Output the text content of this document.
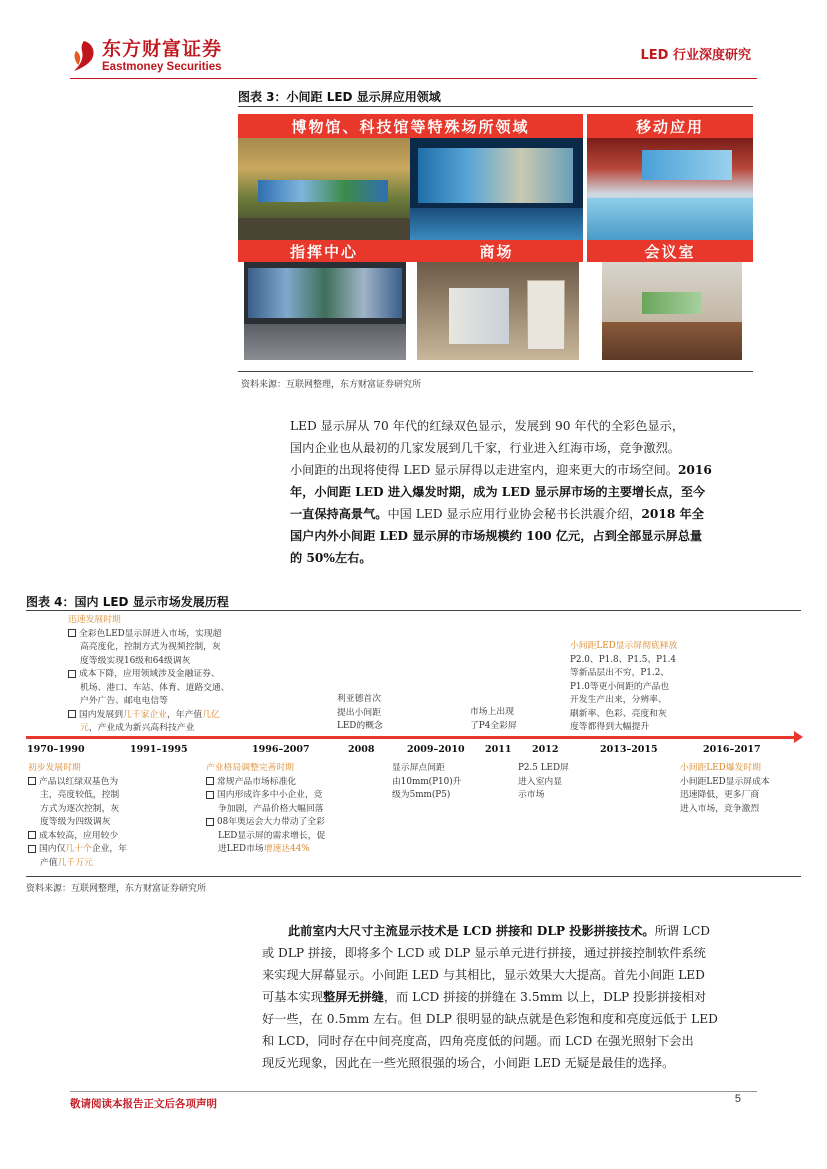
东方财富证券
Eastmoney Securities
LED 行业深度研究
图表 3：小间距 LED 显示屏应用领域
博物馆、科技馆等特殊场所领域	移动应用
指挥中心	商场	会议室
资料来源：互联网整理，东方财富证券研究所
LED 显示屏从 70 年代的红绿双色显示，发展到 90 年代的全彩色显示，
国内企业也从最初的几家发展到几千家，行业进入红海市场，竞争激烈。
小间距的出现将使得 LED 显示屏得以走进室内，迎来更大的市场空间。2016
年，小间距 LED 进入爆发时期，成为 LED 显示屏市场的主要增长点，至今
一直保持高景气。中国 LED 显示应用行业协会秘书长洪震介绍，2018 年全
国户内外小间距 LED 显示屏的市场规模约 100 亿元，占到全部显示屏总量
的 50%左右。
图表 4：国内 LED 显示市场发展历程
迅速发展时期
全彩色LED显示屏进入市场，实现超
高亮度化，控制方式为视频控制，灰
度等级实现16级和64级调灰
成本下降，应用领域涉及金融证券、
机场、港口、车站、体育、道路交通、
户外广告、邮电电信等
国内发展到几千家企业，年产值几亿
元，产业成为新兴高科技产业
利亚德首次
提出小间距
LED的概念
市场上出现
了P4全彩屏
小间距LED显示屏彻底释放
P2.0、P1.8、P1.5、P1.4
等新品层出不穷，P1.2、
P1.0等更小间距的产品也
开发生产出来，分辨率、
刷新率、色彩、亮度和灰
度等都得到大幅提升
1970–1990	1991–1995	1996–2007	2008	2009–2010 2011 2012	2013–2015	2016–2017
初步发展时期
产品以红绿双基色为
主，亮度较低，控制
方式为逐次控制，灰
度等级为四级调灰
成本较高，应用较少
国内仅几十个企业，年
产值几千万元
产业格局调整完善时期
常规产品市场标准化
国内形成许多中小企业，竞
争加剧，产品价格大幅回落
08年奥运会大力带动了全彩
LED显示屏的需求增长，促
进LED市场增速达44%
显示屏点间距
由10mm(P10)升
级为5mm(P5)
P2.5 LED屏
进入室内显
示市场
小间距LED爆发时期
小间距LED显示屏成本
迅速降低，更多厂商
进入市场，竞争激烈
资料来源：互联网整理，东方财富证券研究所
此前室内大尺寸主流显示技术是 LCD 拼接和 DLP 投影拼接技术。所谓 LCD
或 DLP 拼接，即将多个 LCD 或 DLP 显示单元进行拼接，通过拼接控制软件系统
来实现大屏幕显示。小间距 LED 与其相比，显示效果大大提高。首先小间距 LED
可基本实现整屏无拼缝，而 LCD 拼接的拼缝在 3.5mm 以上，DLP 投影拼接相对
好一些，在 0.5mm 左右。但 DLP 很明显的缺点就是色彩饱和度和亮度远低于 LED
和 LCD，同时存在中间亮度高，四角亮度低的问题。而 LCD 在强光照射下会出
现反光现象，因此在一些光照很强的场合，小间距 LED 无疑是最佳的选择。
敬请阅读本报告正文后各项声明	5
